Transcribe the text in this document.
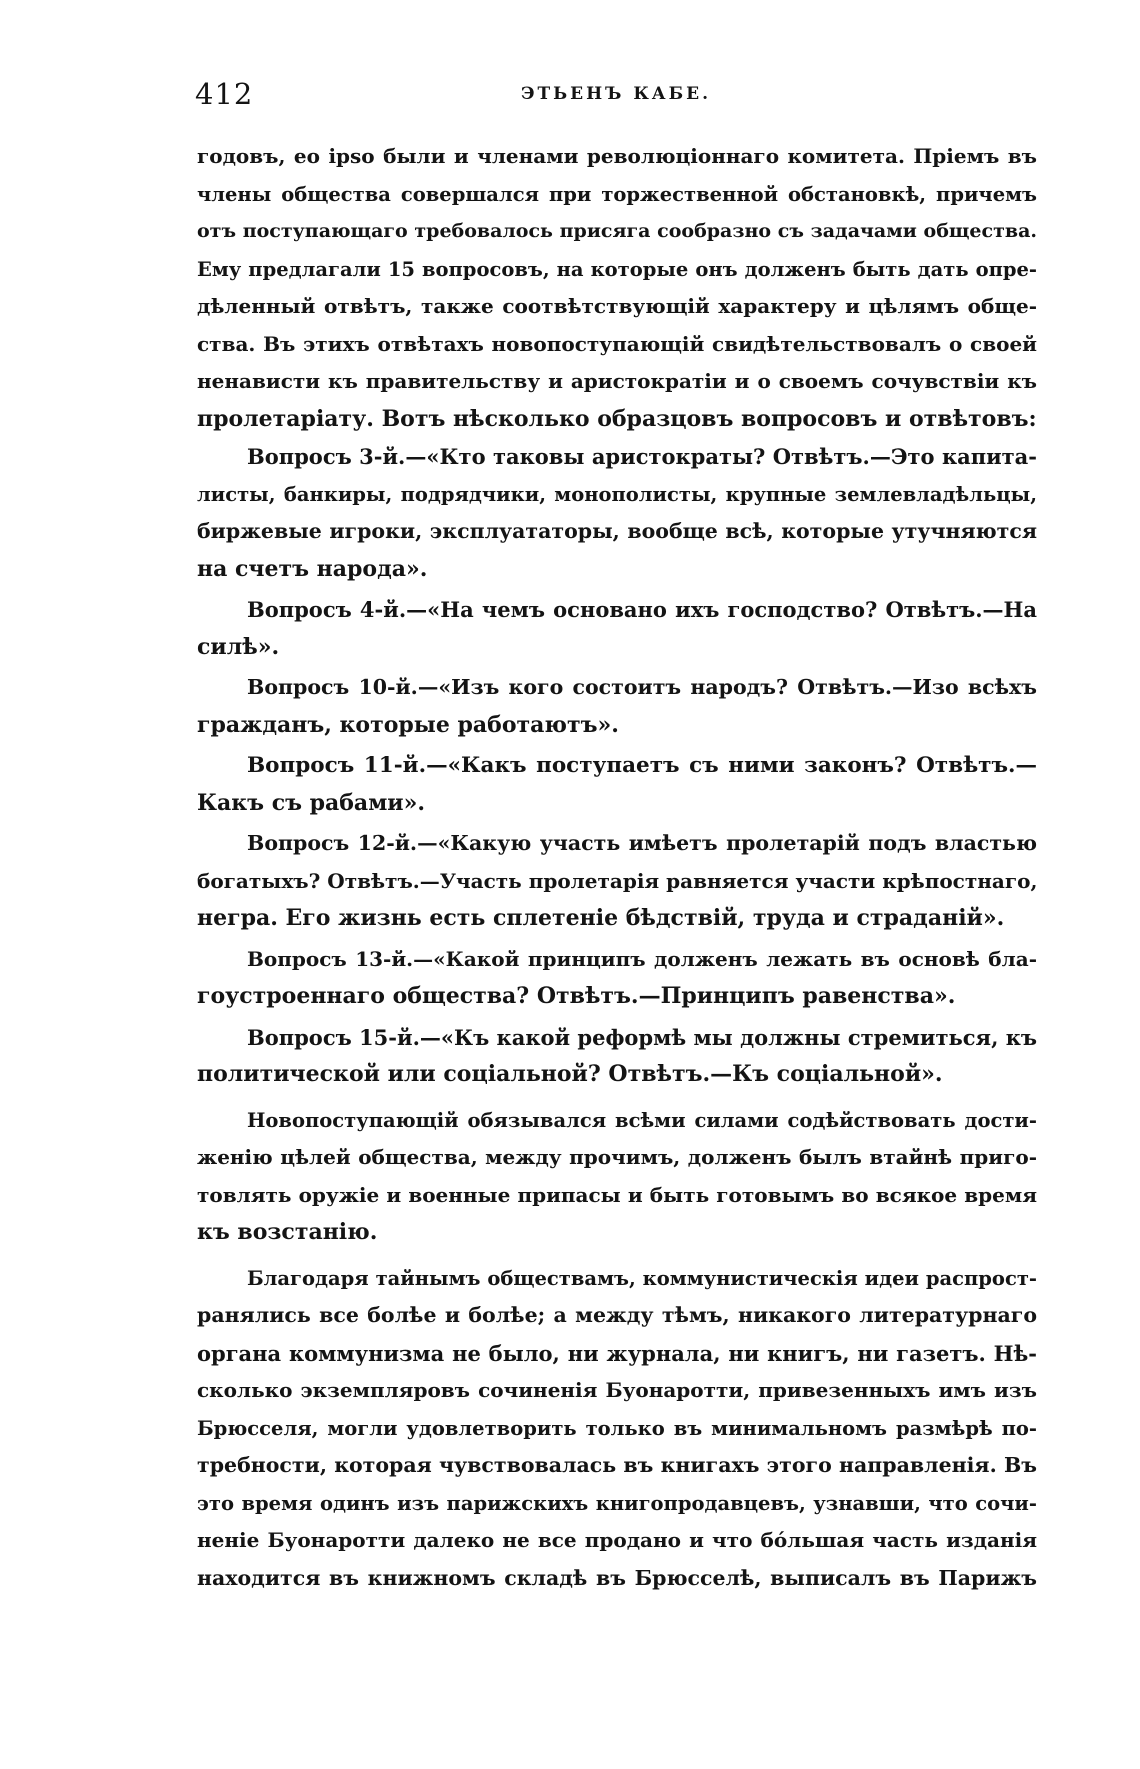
412	ЭТЬЕНЪ КАБЕ.
годовъ, eo ipso были и членами революціоннаго комитета. Пріемъ въ
члены общества совершался при торжественной обстановкѣ, причемъ
отъ поступающаго требовалось присяга сообразно съ задачами общества.
Ему предлагали 15 вопросовъ, на которые онъ долженъ быть дать опре-
дѣленный отвѣтъ, также соотвѣтствующій характеру и цѣлямъ обще-
ства. Въ этихъ отвѣтахъ новопоступающій свидѣтельствовалъ о своей
ненависти къ правительству и аристократіи и о своемъ сочувствіи къ
пролетаріату. Вотъ нѣсколько образцовъ вопросовъ и отвѣтовъ:
Вопросъ 3-й.—«Кто таковы аристократы? Отвѣтъ.—Это капита-
листы, банкиры, подрядчики, монополисты, крупные землевладѣльцы,
биржевые игроки, эксплуататоры, вообще всѣ, которые утучняются
на счетъ народа».
Вопросъ 4-й.—«На чемъ основано ихъ господство? Отвѣтъ.—На
силѣ».
Вопросъ 10-й.—«Изъ кого состоитъ народъ? Отвѣтъ.—Изо всѣхъ
гражданъ, которые работаютъ».
Вопросъ 11-й.—«Какъ поступаетъ съ ними законъ? Отвѣтъ.—
Какъ съ рабами».
Вопросъ 12-й.—«Какую участь имѣетъ пролетарій подъ властью
богатыхъ? Отвѣтъ.—Участь пролетарія равняется участи крѣпостнаго,
негра. Его жизнь есть сплетеніе бѣдствій, труда и страданій».
Вопросъ 13-й.—«Какой принципъ долженъ лежать въ основѣ бла-
гоустроеннаго общества? Отвѣтъ.—Принципъ равенства».
Вопросъ 15-й.—«Къ какой реформѣ мы должны стремиться, къ
политической или соціальной? Отвѣтъ.—Къ соціальной».
Новопоступающій обязывался всѣми силами содѣйствовать дости-
женію цѣлей общества, между прочимъ, долженъ былъ втайнѣ приго-
товлять оружіе и военные припасы и быть готовымъ во всякое время
къ возстанію.
Благодаря тайнымъ обществамъ, коммунистическія идеи распрост-
ранялись все болѣе и болѣе; а между тѣмъ, никакого литературнаго
органа коммунизма не было, ни журнала, ни книгъ, ни газетъ. Нѣ-
сколько экземпляровъ сочиненія Буонаротти, привезенныхъ имъ изъ
Брюсселя, могли удовлетворить только въ минимальномъ размѣрѣ по-
требности, которая чувствовалась въ книгахъ этого направленія. Въ
это время одинъ изъ парижскихъ книгопродавцевъ, узнавши, что сочи-
неніе Буонаротти далеко не все продано и что бóльшая часть изданія
находится въ книжномъ складѣ въ Брюсселѣ, выписалъ въ Парижъ
